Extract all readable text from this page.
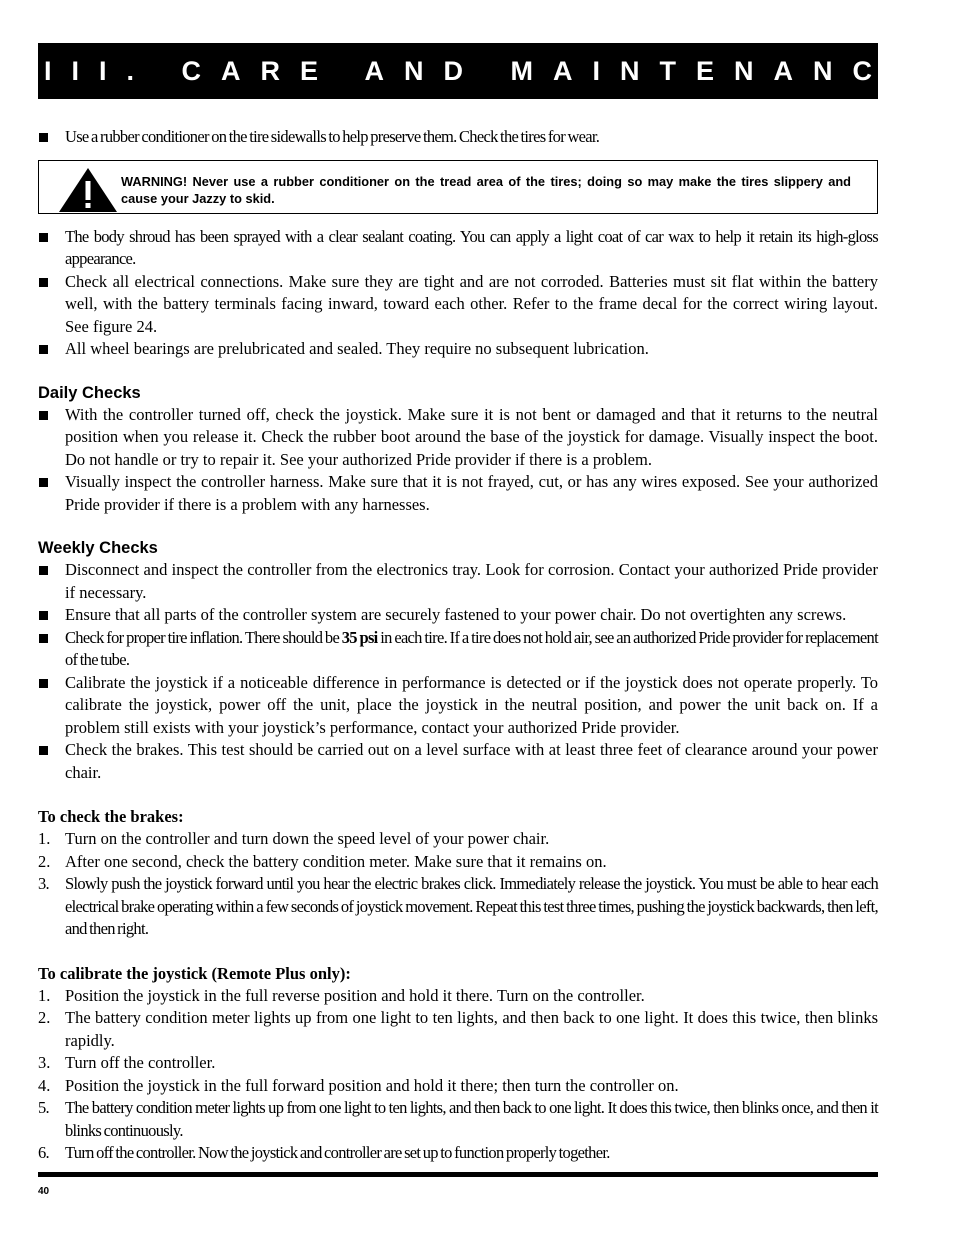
VIII. CARE AND MAINTENANCE
Use a rubber conditioner on the tire sidewalls to help preserve them. Check the tires for wear.
WARNING! Never use a rubber conditioner on the tread area of the tires; doing so may make the tires slippery and cause your Jazzy to skid.
The body shroud has been sprayed with a clear sealant coating. You can apply a light coat of car wax to help it retain its high-gloss appearance.
Check all electrical connections. Make sure they are tight and are not corroded. Batteries must sit flat within the battery well, with the battery terminals facing inward, toward each other. Refer to the frame decal for the correct wiring layout. See figure 24.
All wheel bearings are prelubricated and sealed. They require no subsequent lubrication.
Daily Checks
With the controller turned off, check the joystick. Make sure it is not bent or damaged and that it returns to the neutral position when you release it. Check the rubber boot around the base of the joystick for damage. Visually inspect the boot. Do not handle or try to repair it. See your authorized Pride provider if there is a problem.
Visually inspect the controller harness. Make sure that it is not frayed, cut, or has any wires exposed. See your authorized Pride provider if there is a problem with any harnesses.
Weekly Checks
Disconnect and inspect the controller from the electronics tray. Look for corrosion. Contact your authorized Pride provider if necessary.
Ensure that all parts of the controller system are securely fastened to your power chair. Do not overtighten any screws.
Check for proper tire inflation. There should be 35 psi in each tire. If a tire does not hold air, see an authorized Pride provider for replacement of the tube.
Calibrate the joystick if a noticeable difference in performance is detected or if the joystick does not operate properly. To calibrate the joystick, power off the unit, place the joystick in the neutral position, and power the unit back on. If a problem still exists with your joystick’s performance, contact your authorized Pride provider.
Check the brakes. This test should be carried out on a level surface with at least three feet of clearance around your power chair.
To check the brakes:
1. Turn on the controller and turn down the speed level of your power chair.
2. After one second, check the battery condition meter. Make sure that it remains on.
3. Slowly push the joystick forward until you hear the electric brakes click. Immediately release the joystick. You must be able to hear each electrical brake operating within a few seconds of joystick movement. Repeat this test three times, pushing the joystick backwards, then left, and then right.
To calibrate the joystick (Remote Plus only):
1. Position the joystick in the full reverse position and hold it there. Turn on the controller.
2. The battery condition meter lights up from one light to ten lights, and then back to one light. It does this twice, then blinks rapidly.
3. Turn off the controller.
4. Position the joystick in the full forward position and hold it there; then turn the controller on.
5. The battery condition meter lights up from one light to ten lights, and then back to one light. It does this twice, then blinks once, and then it blinks continuously.
6. Turn off the controller. Now the joystick and controller are set up to function properly together.
40
